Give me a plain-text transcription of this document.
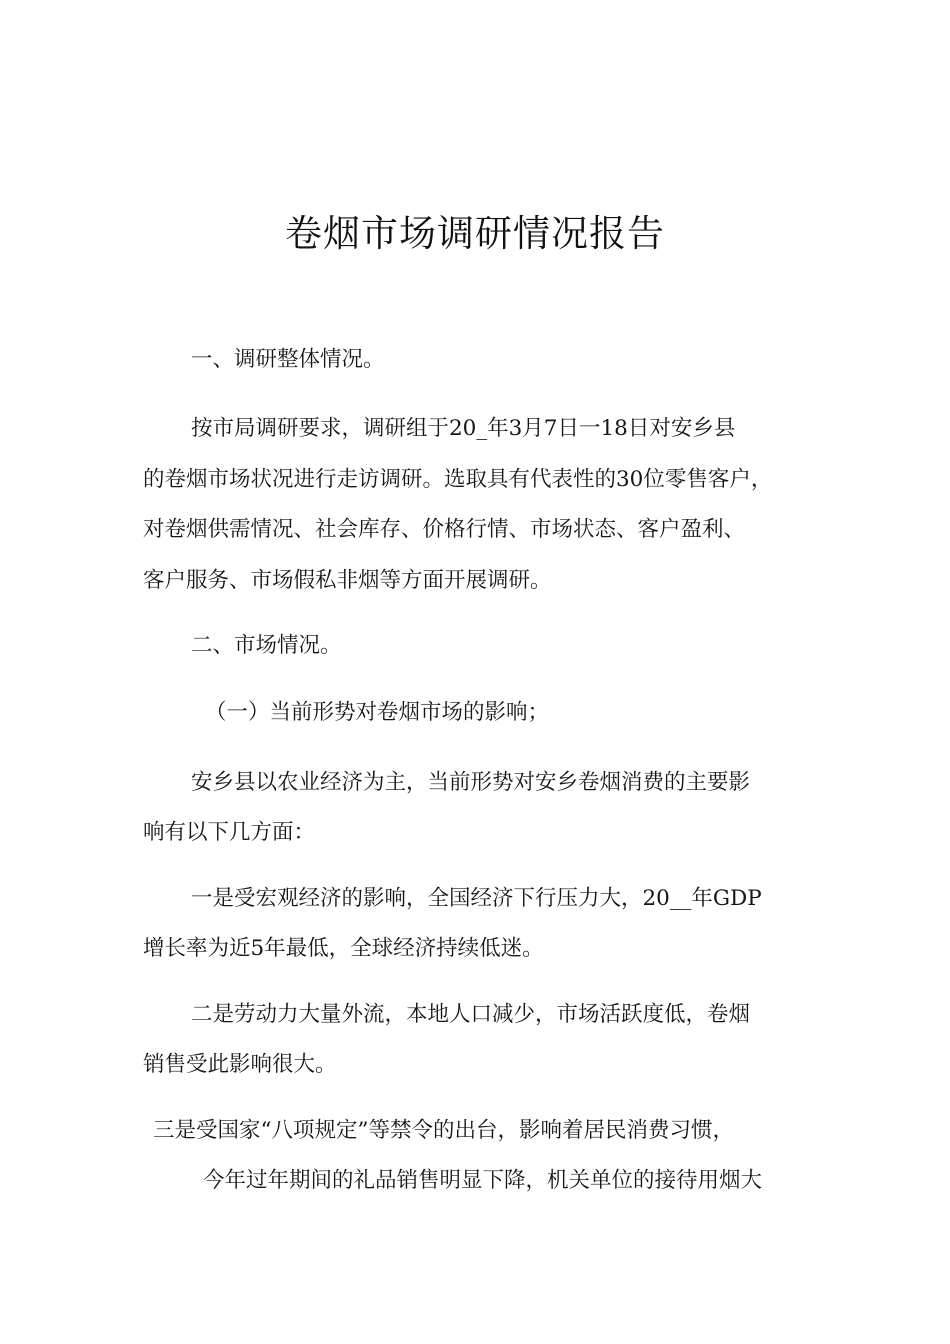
卷烟市场调研情况报告
一、调研整体情况。
按市局调研要求，调研组于20_年3月7日一18日对安乡县
的卷烟市场状况进行走访调研。选取具有代表性的30位零售客户，
对卷烟供需情况、社会库存、价格行情、市场状态、客户盈利、
客户服务、市场假私非烟等方面开展调研。
二、市场情况。
（一）当前形势对卷烟市场的影响；
安乡县以农业经济为主，当前形势对安乡卷烟消费的主要影
响有以下几方面：
一是受宏观经济的影响，全国经济下行压力大，20__年GDP
增长率为近5年最低，全球经济持续低迷。
二是劳动力大量外流，本地人口减少，市场活跃度低，卷烟
销售受此影响很大。
三是受国家“八项规定”等禁令的出台，影响着居民消费习惯，
今年过年期间的礼品销售明显下降，机关单位的接待用烟大
